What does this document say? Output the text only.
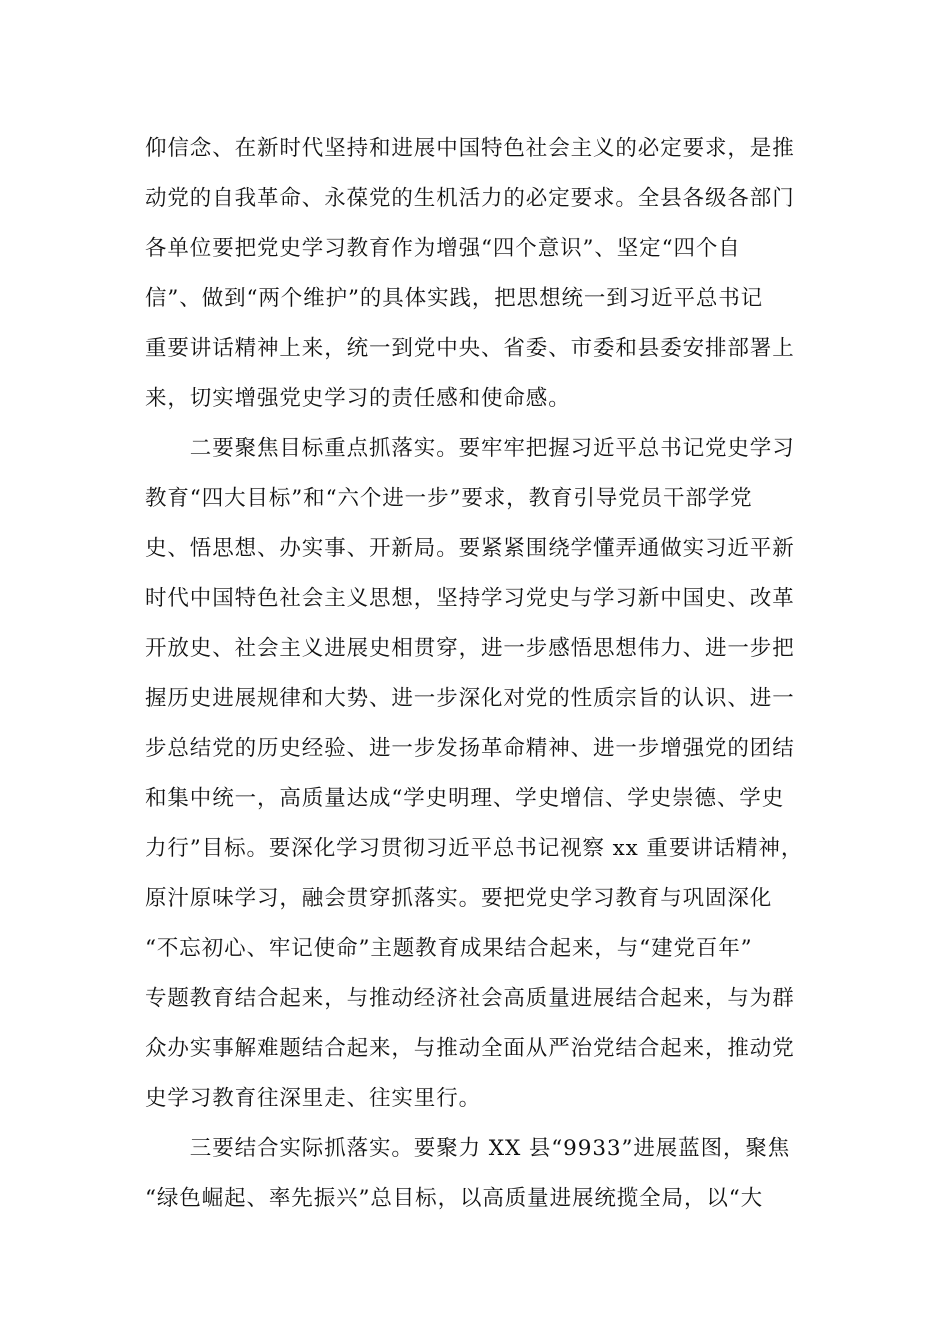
仰信念、在新时代坚持和进展中国特色社会主义的必定要求，是推
动党的自我革命、永葆党的生机活力的必定要求。全县各级各部门
各单位要把党史学习教育作为增强“四个意识”、坚定“四个自
信”、做到“两个维护”的具体实践，把思想统一到习近平总书记
重要讲话精神上来，统一到党中央、省委、市委和县委安排部署上
来，切实增强党史学习的责任感和使命感。
　　二要聚焦目标重点抓落实。要牢牢把握习近平总书记党史学习
教育“四大目标”和“六个进一步”要求，教育引导党员干部学党
史、悟思想、办实事、开新局。要紧紧围绕学懂弄通做实习近平新
时代中国特色社会主义思想，坚持学习党史与学习新中国史、改革
开放史、社会主义进展史相贯穿，进一步感悟思想伟力、进一步把
握历史进展规律和大势、进一步深化对党的性质宗旨的认识、进一
步总结党的历史经验、进一步发扬革命精神、进一步增强党的团结
和集中统一，高质量达成“学史明理、学史增信、学史崇德、学史
力行”目标。要深化学习贯彻习近平总书记视察 xx 重要讲话精神，
原汁原味学习，融会贯穿抓落实。要把党史学习教育与巩固深化
“不忘初心、牢记使命”主题教育成果结合起来，与“建党百年”
专题教育结合起来，与推动经济社会高质量进展结合起来，与为群
众办实事解难题结合起来，与推动全面从严治党结合起来，推动党
史学习教育往深里走、往实里行。
　　三要结合实际抓落实。要聚力 XX 县“9933”进展蓝图，聚焦
“绿色崛起、率先振兴”总目标，以高质量进展统揽全局，以“大
